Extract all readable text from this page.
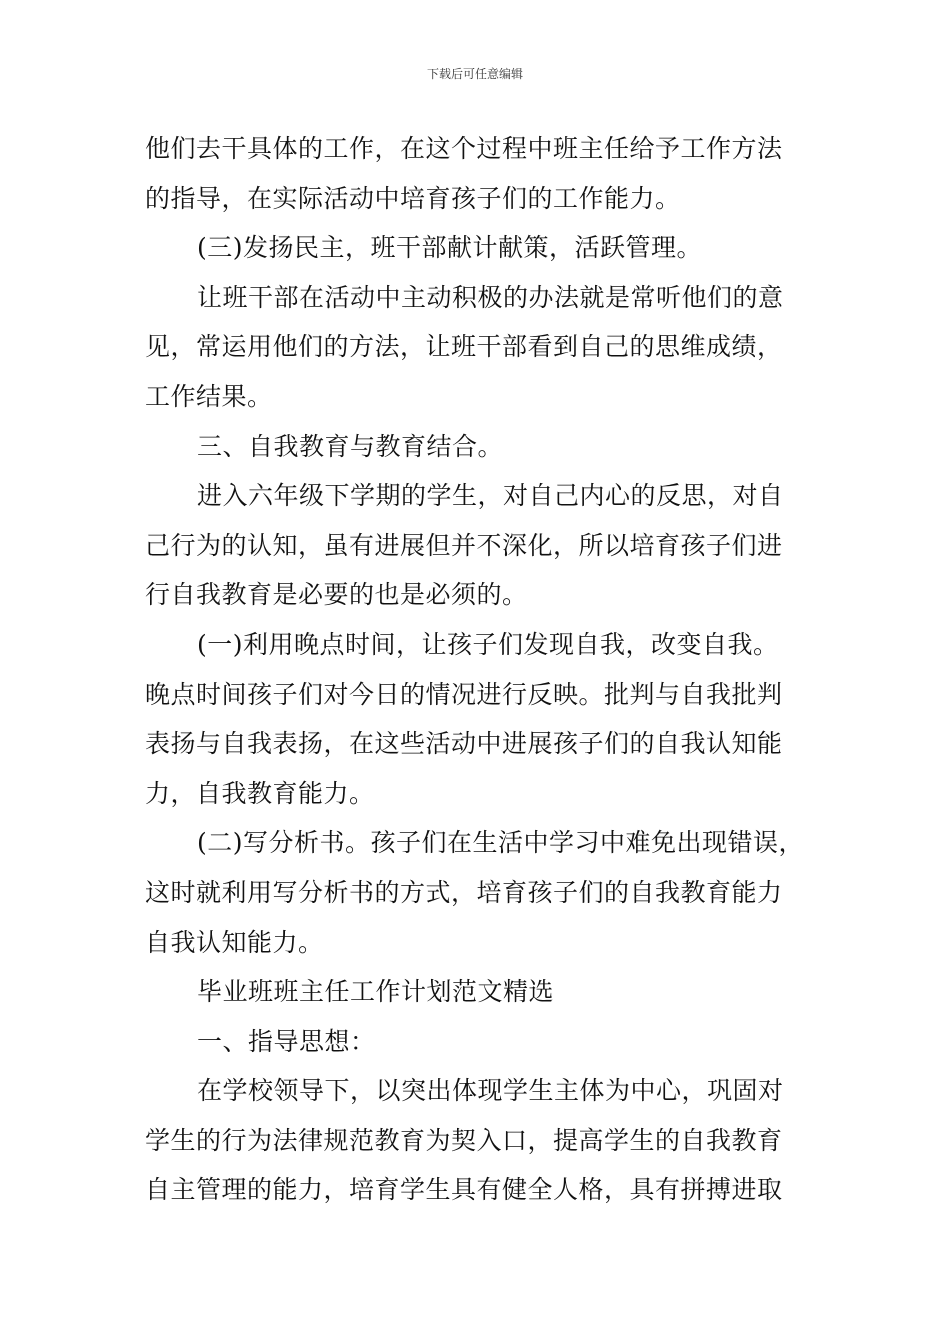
下载后可任意编辑
他们去干具体的工作，在这个过程中班主任给予工作方法
的指导，在实际活动中培育孩子们的工作能力。
(三)发扬民主，班干部献计献策，活跃管理。
让班干部在活动中主动积极的办法就是常听他们的意
见，常运用他们的方法，让班干部看到自己的思维成绩，
工作结果。
三、自我教育与教育结合。
进入六年级下学期的学生，对自己内心的反思，对自
己行为的认知，虽有进展但并不深化，所以培育孩子们进
行自我教育是必要的也是必须的。
(一)利用晚点时间，让孩子们发现自我，改变自我。
晚点时间孩子们对今日的情况进行反映。批判与自我批判
表扬与自我表扬，在这些活动中进展孩子们的自我认知能
力，自我教育能力。
(二)写分析书。孩子们在生活中学习中难免出现错误，
这时就利用写分析书的方式，培育孩子们的自我教育能力
自我认知能力。
毕业班班主任工作计划范文精选
一、指导思想：
在学校领导下，以突出体现学生主体为中心，巩固对
学生的行为法律规范教育为契入口，提高学生的自我教育
自主管理的能力，培育学生具有健全人格，具有拼搏进取
